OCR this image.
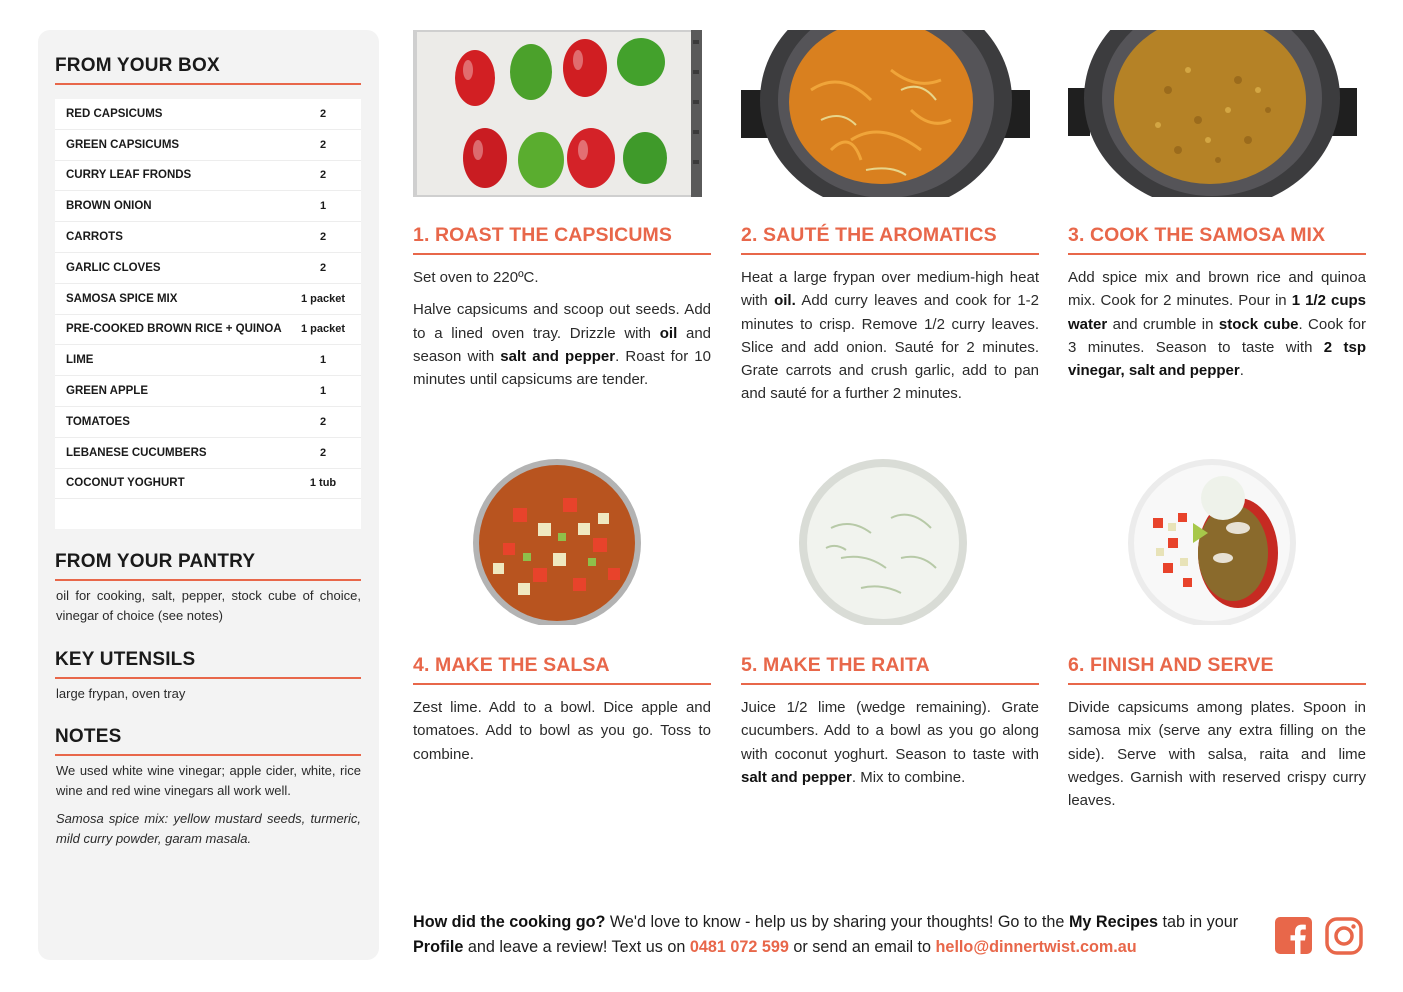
FROM YOUR BOX
RED CAPSICUMS	2
GREEN CAPSICUMS	2
CURRY LEAF FRONDS	2
BROWN ONION	1
CARROTS	2
GARLIC CLOVES	2
SAMOSA SPICE MIX	1 packet
PRE-COOKED BROWN RICE + QUINOA	1 packet
LIME	1
GREEN APPLE	1
TOMATOES	2
LEBANESE CUCUMBERS	2
COCONUT YOGHURT	1 tub
FROM YOUR PANTRY
oil for cooking, salt, pepper, stock cube of choice, vinegar of choice (see notes)
KEY UTENSILS
large frypan, oven tray
NOTES
We used white wine vinegar; apple cider, white, rice wine and red wine vinegars all work well.
Samosa spice mix: yellow mustard seeds, turmeric, mild curry powder, garam masala.
1. ROAST THE CAPSICUMS

Set oven to 220ºC.

Halve capsicums and scoop out seeds. Add to a lined oven tray. Drizzle with oil and season with salt and pepper. Roast for 10 minutes until capsicums are tender.

2. SAUTÉ THE AROMATICS

Heat a large frypan over medium-high heat with oil. Add curry leaves and cook for 1-2 minutes to crisp. Remove 1/2 curry leaves. Slice and add onion. Sauté for 2 minutes. Grate carrots and crush garlic, add to pan and sauté for a further 2 minutes.

3. COOK THE SAMOSA MIX

Add spice mix and brown rice and quinoa mix. Cook for 2 minutes. Pour in 1 1/2 cups water and crumble in stock cube. Cook for 3 minutes. Season to taste with 2 tsp vinegar, salt and pepper.

4. MAKE THE SALSA

Zest lime. Add to a bowl. Dice apple and tomatoes. Add to bowl as you go. Toss to combine.

5. MAKE THE RAITA

Juice 1/2 lime (wedge remaining). Grate cucumbers. Add to a bowl as you go along with coconut yoghurt. Season to taste with salt and pepper. Mix to combine.

6. FINISH AND SERVE

Divide capsicums among plates. Spoon in samosa mix (serve any extra filling on the side). Serve with salsa, raita and lime wedges. Garnish with reserved crispy curry leaves.

How did the cooking go? We'd love to know - help us by sharing your thoughts! Go to the My Recipes tab in your Profile and leave a review! Text us on 0481 072 599 or send an email to hello@dinnertwist.com.au
